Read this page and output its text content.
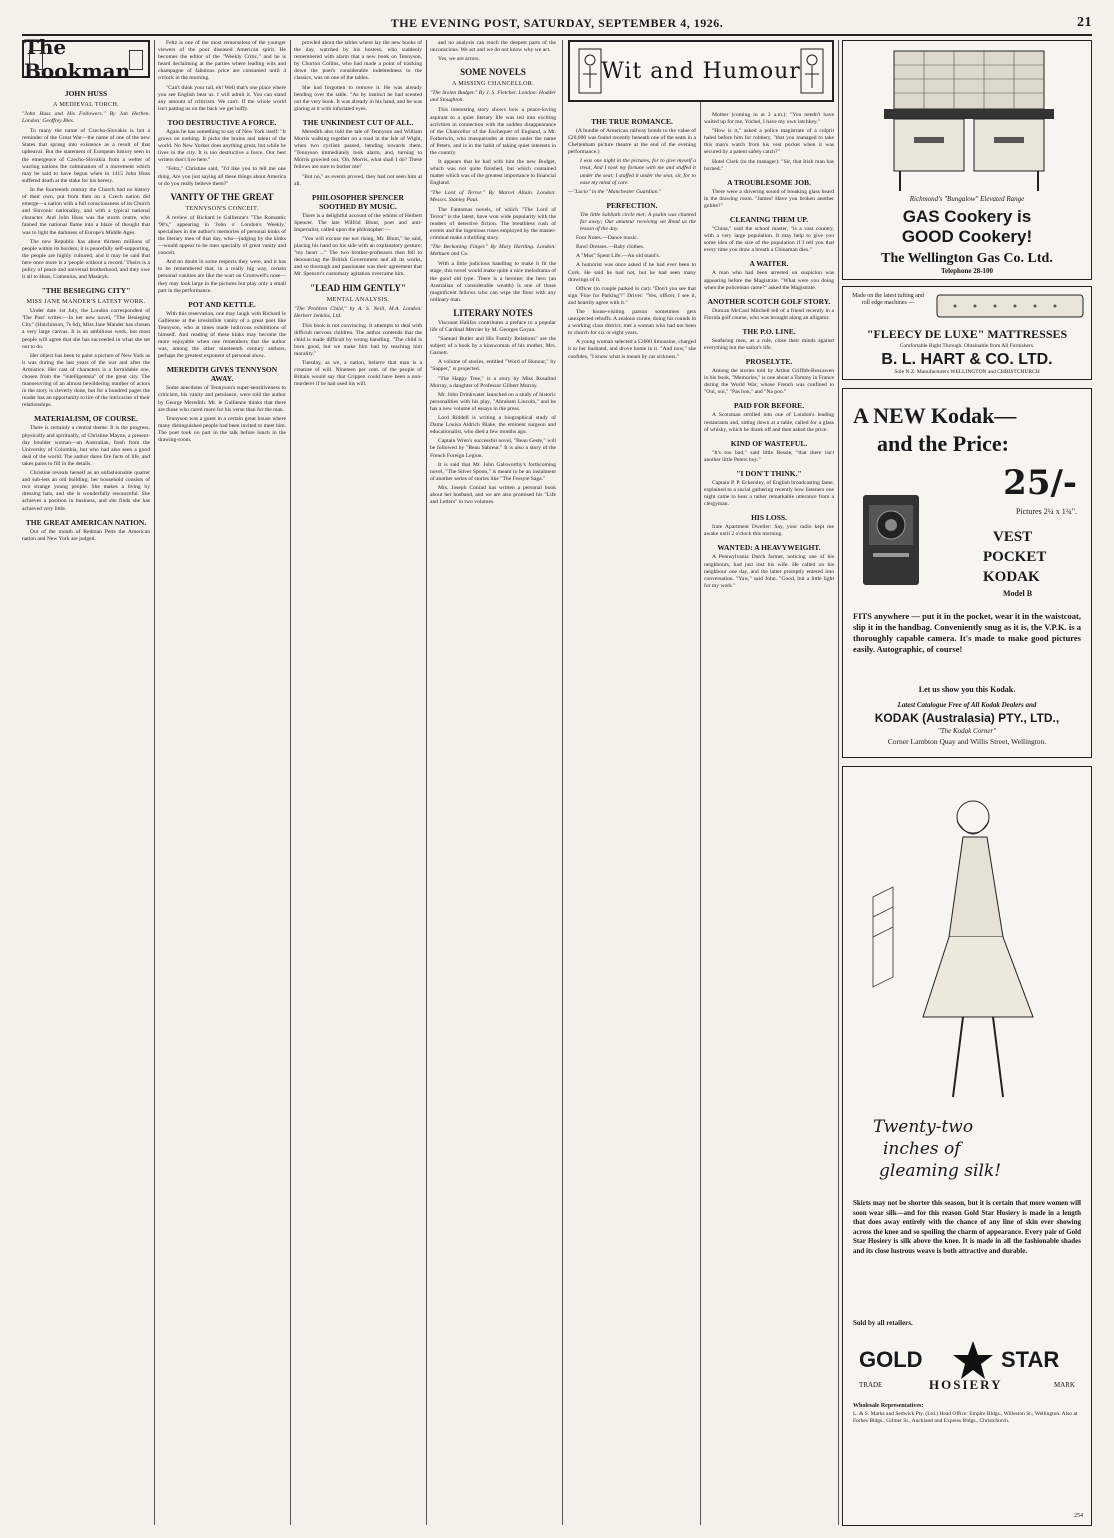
THE EVENING POST, SATURDAY, SEPTEMBER 4, 1926.	21
The Bookman
JOHN HUSS
A MEDIEVAL TORCH.

"John Huss and His Followers." By Jan Herben. London: Geoffrey Bles.

To many the name of Czecho-Slovakia is but a reminder of the Great War—the name of one of the new States that sprang into existence as a result of that upheaval. But the statement of European history seen in the emergence of Czecho-Slovakia from a welter of warring nations the culmination of a movement which may be said to have begun when in 1415 John Huss suffered death at the stake for his heresy.

In the fourteenth century the Church had no history of their own, put from then on a Czech nation did emerge—a nation with a full consciousness of its Church and Slavonic nationality, and with a typical national character. And John Huss was the storm centre, who fanned the national flame into a blaze of thought that was to light the darkness of Europe's Middle Ages.

The new Republic has about thirteen millions of people within its borders; it is peacefully self-supporting, the people are highly cultured, and it may be said that here once more is a 'people without a record.' Theirs is a policy of peace and universal brotherhood, and they owe it all to Huss, Comenius, and Masaryk.

"THE BESIEGING CITY"
MISS JANE MANDER'S LATEST WORK.

Under date 1st July, the London correspondent of 'The Post' writes:—In her new novel, "The Besieging City" (Hutchinson, 7s 6d), Miss Jane Mander has chosen a very large canvas. It is an ambitious work, but most people will agree that she has succeeded in what she set out to do.

Her object has been to paint a picture of New York as it was during the last years of the war and after the Armistice. Her cast of characters is a formidable one, chosen from the "intelligentsia" of the great city. The manoeuvring of an almost bewildering number of actors in the story is cleverly done, but for a hundred pages the reader has an opportunity to tire of the intricacies of their relationships.

MATERIALISM, OF COURSE.

There is certainly a central theme. It is the progress, physically and spiritually, of Christine Mayne, a present-day boulder woman—an Australian, fresh from the University of Columbia, but who had also seen a good deal of the world. The author dares fire facts of life, and takes pains to fill in the details.

Christine reveals herself as an unfashionable quarter and sub-lets an old building; her household consists of two strange young people. She makes a living by dressing hats, and she is wonderfully resourceful. She achieves a position in business, and she finds she has achieved very little.

THE GREAT AMERICAN NATION.

Out of the mouth of Redman Petts the American nation and New York are judged.

Feltz is one of the most remorseless of the younger viewers of the poor diseased American spirit. He becomes the editor of the "Weekly Critic," and he is heard declaiming at the parties where leading wits and champagne of fabulous price are consumed until 4 o'clock in the morning.

"Can't think your tail, eh! Well that's one place where you see English beat us. I will admit it. You can stand any amount of criticism. We can't. If the whole world isn't patting us on the back we get huffy.

TOO DESTRUCTIVE A FORCE.

Again he has something to say of New York itself: "It grows on nothing. It picks the brains and talent of the world. No New Yorker does anything great, but while he lives in the city. It is too destructive a force. Our best writers don't live here."

"Feltz," Christine said, "I'd like you to tell me one thing. Are you just saying all these things about America or do you really believe them?"

VANITY OF THE GREAT
TENNYSON'S CONCEIT.

A review of Richard le Gallienne's "The Romantic '90's," appearing in 'John o' London's Weekly,' specialises in the author's memories of personal kinks of the literary men of that day, who—judging by the kinks—would appear to be men specially of great vanity and conceit.

And no doubt in some respects they were, and it has to be remembered that, in a really big way, certain personal vanities are like the wart on Cromwell's nose—they may look large in the pictures but play only a small part in the performance.

POT AND KETTLE.

With this reservation, one may laugh with Richard le Gallienne at the irresistible vanity of a great poet like Tennyson, who at times made ludicrous exhibitions of himself. And reading of these kinks may become the more enjoyable when one remembers that the author was, among the other nineteenth century authors, perhaps the greatest exponent of personal show.

MEREDITH GIVES TENNYSON AWAY.

Some anecdotes of Tennyson's super-sensitiveness to criticism, his vanity and petulance, were told the author by George Meredith. Mr. le Gallienne thinks that there are those who cared more for his verse than for the man.

Tennyson was a guest in a certain great house where many distinguished people had been invited to meet him. The poet took no part in the talk before lunch in the drawing-room.

prowled about the tables where lay the new books of the day, watched by his hostess, who suddenly remembered with alarm that a new book on Tennyson, by Churton Collins, who had made a point of tracking down the poet's considerable indebtedness to the classics, was on one of the tables.

She had forgotten to remove it. He was already bending over the table. "As by instinct he had scented out the very book. It was already in his hand, and he was glaring at it with infuriated eyes.

THE UNKINDEST CUT OF ALL.

Meredith also told the tale of Tennyson and William Morris walking together on a road in the Isle of Wight, when two cyclists passed, bending towards them. "Tennyson immediately took alarm, and, turning to Morris growled out, 'Oh, Morris, what shall I do? These fellows are sure to bother me!'

"But no," as events proved, they had not seen him at all.

PHILOSOPHER SPENCER SOOTHED BY MUSIC.

There is a delightful account of the whims of Herbert Spencer. The late Wilfrid Blunt, poet and anti-Imperialist, called upon the philosopher:—

"You will excuse me not rising, Mr. Blunt," he said, placing his hand on his side with an explanatory gesture; "my heart ..." The two brother-professors then fell to denouncing the British Government and all its works, and so thorough and passionate was their agreement that Mr. Spencer's customary agitation overcame him.

"LEAD HIM GENTLY"
MENTAL ANALYSIS.

"The Problem Child," by A. S. Neill, M.A. London: Herbert Jenkins, Ltd.

This book is not convincing. It attempts to deal with difficult nervous children. The author contends that the child is made difficult by wrong handling. "The child is born good, but we make him bad by teaching him morality."

Tuesday, as we, a nation, believe that man is a creature of will. Nineteen per cent. of the people of Britain would say that Crippen could have been a non-murderer if he had used his will.

and no analysis can reach the deepest parts of the unconscious. We act and we do not know why we act.

Yes, we are actors.

SOME NOVELS
A MISSING CHANCELLOR.

"The Stolen Budget." By J. S. Fletcher. London: Hodder and Stoughton.

This interesting story shows how a peace-loving aspirant to a quiet literary life was led into exciting activities in connection with the sudden disappearance of the Chancellor of the Exchequer of England, a Mr. Fotherwin, who masquerades at times under the name of Peters, and is in the habit of taking quiet interests in the country.

It appears that he had with him the new Budget, which was not quite finished, but which contained matter which was of the greatest importance to financial England.

"The Lord of Terror." By Marcel Allain. London: Messrs. Stanley Paul.

The Fantomas novels, of which "The Lord of Terror" is the latest, have won wide popularity with the readers of detective fiction. The breathless rush of events and the ingenious ruses employed by the master-criminal make a thrilling story.

"The Beckoning Finger." By Mary Hartling. London: Methuen and Co.

With a little judicious handling to make it fit the stage, this novel would make quite a nice melodrama of the good old type. There is a heroine; the hero (an Australian of considerable wealth) is one of those magnificent fellows who can wipe the floor with any ordinary man.

LITERARY NOTES

Viscount Halifax contributes a preface to a popular life of Cardinal Mercier by M. Georges Goyau.

"Samuel Butler and His Family Relations" are the subject of a book by a kinswoman of his mother, Mrs. Garnett.

A volume of stories, entitled "Word of Honour," by "Sapper," is projected.

"The Happy Tree," is a story by Miss Rosalind Murray, a daughter of Professor Gilbert Murray.

Mr. John Drinkwater launched on a study of historic personalities with his play, "Abraham Lincoln," and he has a new volume of essays in the press.

Lord Riddell is writing a biographical study of Dame Louisa Aldrich Blake, the eminent surgeon and educationalist, who died a few months ago.

Captain Wren's successful novel, "Beau Geste," will be followed by "Beau Sabreur." It is also a story of the French Foreign Legion.

It is said that Mr. John Galsworthy's forthcoming novel, "The Silver Spoon," is meant to be an instalment of another series of stories like "The Forsyte Saga."

Mrs. Joseph Conrad has written a personal book about her husband, and we are also promised his "Life and Letters" in two volumes.

Wit and Humour
THE TRUE ROMANCE.

(A bundle of American railway bonds to the value of £20,000 was found recently beneath one of the seats in a Cheltenham picture theatre at the end of the evening performance.)

I was one night in the pictures, for to give myself a treat, And I took my fortune with me and stuffed it under the seat; I stuffed it under the seat, sir, for to ease my mind of care.

—"Lucio" in the "Manchester Guardian."

PERFECTION.

The little Sabbath circle met; A psalm was chanted far away; Our amateur receiving set Read us the lesson of the day.

Foot Notes.—Dance music.

Bawl Dresses.—Baby clothes.

A "Mus" Spent Life.—An old maid's.

A humorist was once asked if he had ever been to Cork. He said he had not, but he had seen many drawings of it.

Officer (to couple parked in car): "Don't you see that sign 'Fine for Parking'?" Driver: "Yes, officer, I see it, and heartily agree with it."

The house-visiting parson sometimes gets unexpected rebuffs. A zealous curate, doing his rounds in a working class district, met a woman who had not been to church for six or eight years.

A young woman selected a £2000 limousine, charged it to her husband, and drove home in it. "And now," she confides, "I know what is meant by car sickness."

Mother (coming in at 2 a.m.): "You needn't have waited up for me, Yochel, I have my own latchkey."

"How is it," asked a police magistrate of a culprit haled before him for robbery, "that you managed to take this man's watch from his vest pocket when it was secured by a patent safety catch?"

Hotel Clerk (to the manager): "Sir, that Irish man has burned."

A TROUBLESOME JOB.

There were a shivering sound of breaking glass heard in the drawing room. "James! Have you broken another goblet?"

CLEANING THEM UP.

"China," said the school master, "is a vast country, with a very large population. It may help to give you some idea of the size of the population if I tell you that every time you draw a breath a Chinaman dies."

A WAITER.

A man who had been arrested on suspicion was appearing before the Magistrate. "What were you doing when the policeman came?" asked the Magistrate.

ANOTHER SCOTCH GOLF STORY.

Duncan McCaul Mitchell tell of a friend recently in a Florida golf course, who was brought along an alligator.

THE P.O. LINE.

Seafaring men, as a rule, close their minds against everything but the sailor's life.

PROSELYTE.

Among the stories told by Arthur Griffith-Boscawen in his book, "Memories," is one about a Tommy in France during the World War, whose French was confined to "Oui, oui," "Pas bon," and "Na poo."

PAID FOR BEFORE.

A Scotsman strolled into one of London's leading restaurants and, sitting down at a table, called for a glass of whisky, which he drank off and then asked the price.

KIND OF WASTEFUL.

"It's too bad," said little Bessie, "that there isn't another little Peters boy."

"I DON'T THINK."

Captain P. P. Eckersley, of English broadcasting fame, explained to a social gathering recently how listeners one night came to hear a rather remarkable utterance from a clergyman.

HIS LOSS.

Irate Apartment Dweller: Say, your radio kept me awake until 2 o'clock this morning.

WANTED: A HEAVYWEIGHT.

A Pennsylvania Dutch farmer, noticing one of his neighbours, had just lost his wife. He called on his neighbour one day, and the latter promptly entered into conversation. "Yaw," said John. "Good, but a little light for my work."

Richmond's "Bungalow" Elevated Range
GAS Cookery is
GOOD Cookery!
The Wellington Gas Co. Ltd.
Telephone 28-100
Made on the latest tufting and roll edge machines —
"FLEECY DE LUXE" MATTRESSES
Comfortable Right Through. Obtainable from All Furnishers.
B. L. HART & CO. LTD.
Sole N.Z. Manufacturers WELLINGTON and CHRISTCHURCH
A NEW Kodak—
and the Price:
25/-
Pictures 2¼ x 1¾".
VEST
POCKET
KODAK
Model B
FITS anywhere — put it in the pocket, wear it in the waistcoat, slip it in the handbag. Conveniently snug as it is, the V.P.K. is a thoroughly capable camera. It's made to make good pictures easily. Autographic, of course!
Let us show you this Kodak.
Latest Catalogue Free of All Kodak Dealers and
KODAK (Australasia) PTY., LTD.,
"The Kodak Corner"
Corner Lambton Quay and Willis Street, Wellington.
Twenty-two
inches of
gleaming silk!
Skirts may not be shorter this season, but it is certain that more women will soon wear silk—and for this reason Gold Star Hosiery is made in a length that does away entirely with the chance of any line of skin ever showing across the knee and so spoiling the charm of appearance. Every pair of Gold Star Hosiery is silk above the knee. It is made in all the fashionable shades and its close lustrous weave is both attractive and durable.
Sold by all retailers.
GOLD	STAR
TRADE	HOSIERY	MARK
Wholesale Representatives:
L. & S. Marks and Sedwick Pty. (Ltd.) Head Office: Empire Bldgs., Willeston St., Wellington. Also at Forbes Bldgs., Gilmer St., Auckland and Express Bldgs., Christchurch.
254
